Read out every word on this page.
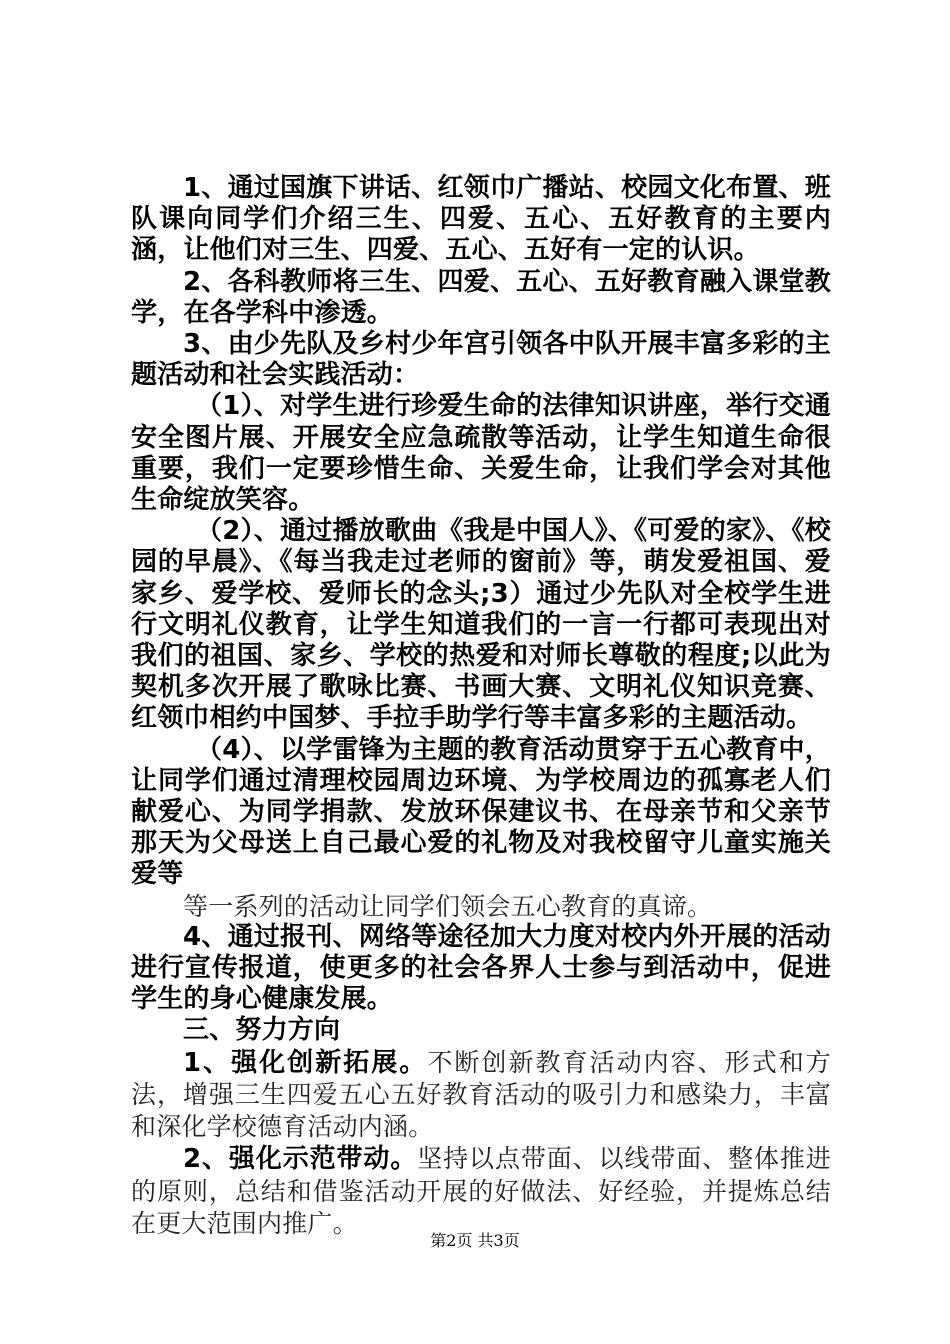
1、通过国旗下讲话、红领巾广播站、校园文化布置、班队课向同学们介绍三生、四爱、五心、五好教育的主要内涵，让他们对三生、四爱、五心、五好有一定的认识。

2、各科教师将三生、四爱、五心、五好教育融入课堂教学，在各学科中渗透。

3、由少先队及乡村少年宫引领各中队开展丰富多彩的主题活动和社会实践活动：

（1）、对学生进行珍爱生命的法律知识讲座，举行交通安全图片展、开展安全应急疏散等活动，让学生知道生命很重要，我们一定要珍惜生命、关爱生命，让我们学会对其他生命绽放笑容。

（2）、通过播放歌曲《我是中国人》、《可爱的家》、《校园的早晨》、《每当我走过老师的窗前》等，萌发爱祖国、爱家乡、爱学校、爱师长的念头;3）通过少先队对全校学生进行文明礼仪教育，让学生知道我们的一言一行都可表现出对我们的祖国、家乡、学校的热爱和对师长尊敬的程度;以此为契机多次开展了歌咏比赛、书画大赛、文明礼仪知识竞赛、红领巾相约中国梦、手拉手助学行等丰富多彩的主题活动。

（4）、以学雷锋为主题的教育活动贯穿于五心教育中，让同学们通过清理校园周边环境、为学校周边的孤寡老人们献爱心、为同学捐款、发放环保建议书、在母亲节和父亲节那天为父母送上自己最心爱的礼物及对我校留守儿童实施关爱等

等一系列的活动让同学们领会五心教育的真谛。

4、通过报刊、网络等途径加大力度对校内外开展的活动进行宣传报道，使更多的社会各界人士参与到活动中，促进学生的身心健康发展。

三、努力方向

1、强化创新拓展。不断创新教育活动内容、形式和方法，增强三生四爱五心五好教育活动的吸引力和感染力，丰富和深化学校德育活动内涵。

2、强化示范带动。坚持以点带面、以线带面、整体推进的原则，总结和借鉴活动开展的好做法、好经验，并提炼总结在更大范围内推广。

第2页 共3页
